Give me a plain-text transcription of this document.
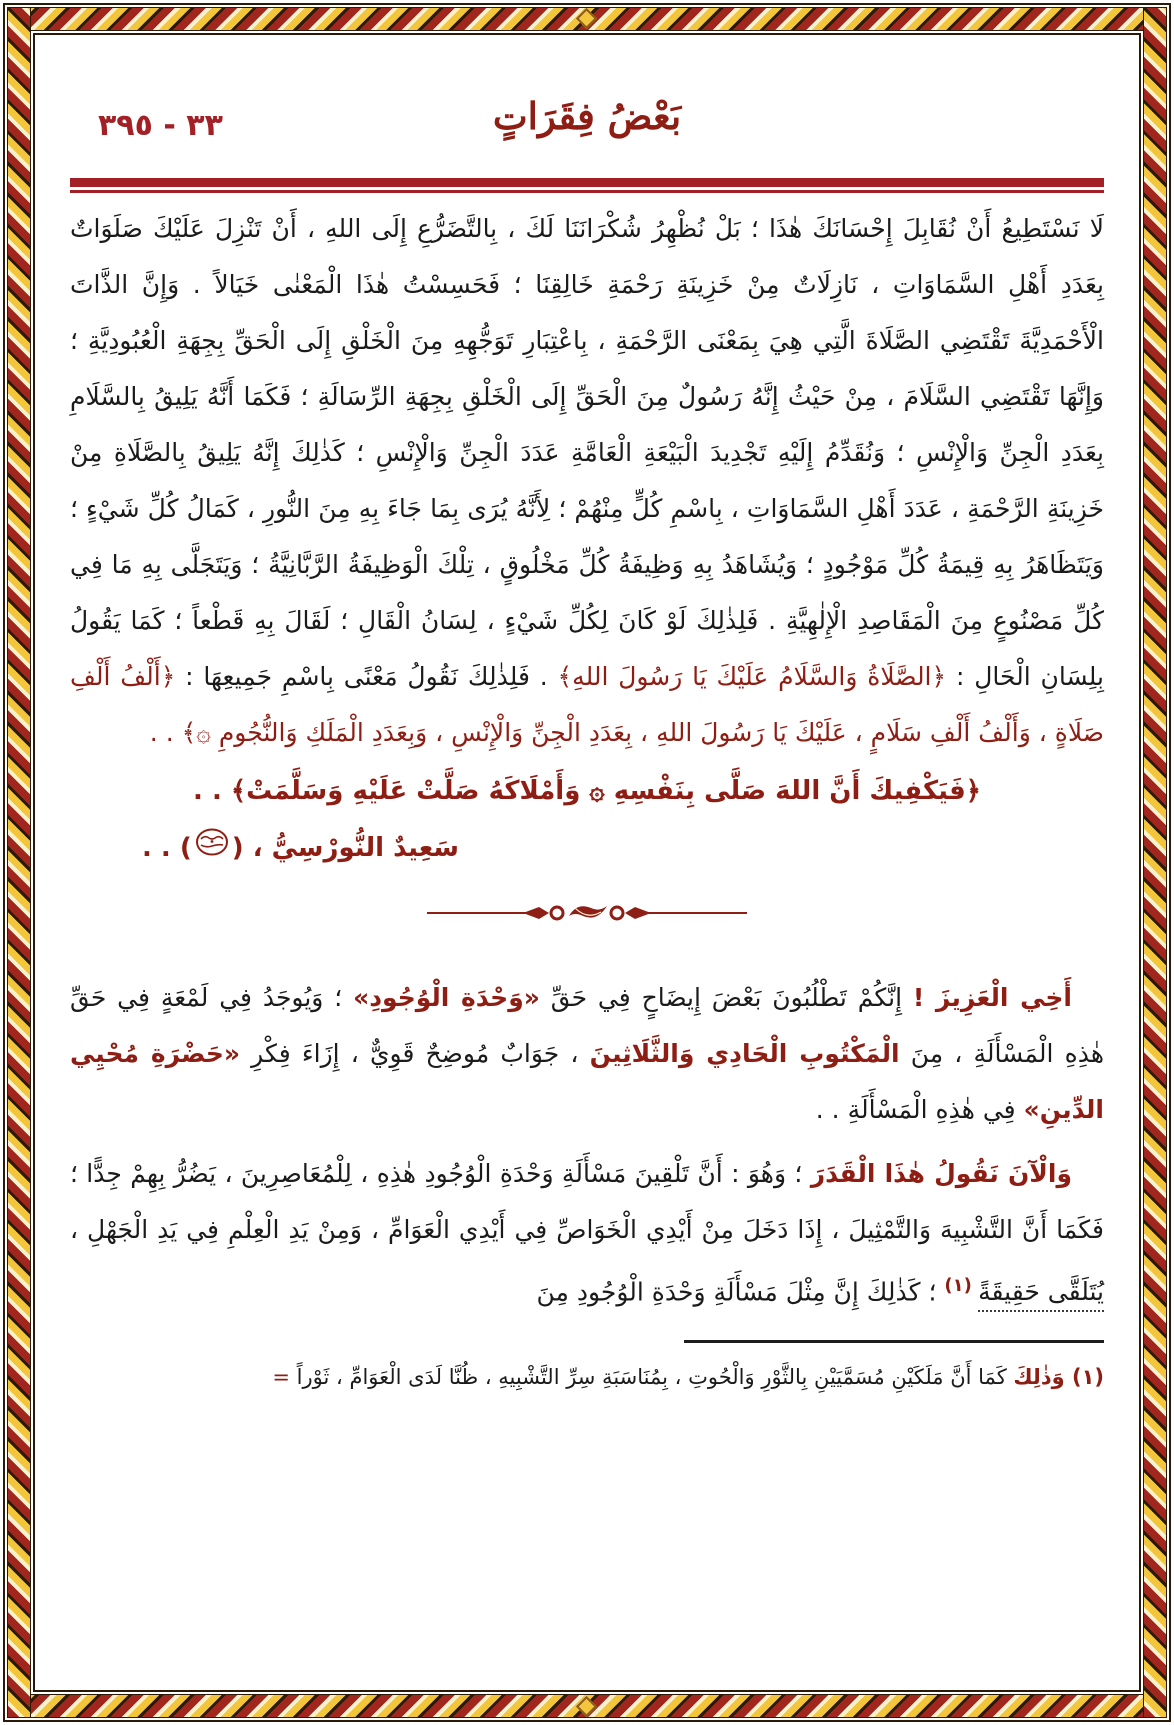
٣٣ - ٣٩٥	بَعْضُ فِقَرَاتٍ

لَا نَسْتَطِيعُ أَنْ نُقَابِلَ إِحْسَانَكَ هٰذَا ؛ بَلْ نُظْهِرُ شُكْرَانَنَا لَكَ ، بِالتَّضَرُّعِ إِلَى اللهِ ، أَنْ تَنْزِلَ عَلَيْكَ صَلَوَاتٌ بِعَدَدِ أَهْلِ السَّمَاوَاتِ ، نَازِلَاتٌ مِنْ خَزِينَةِ رَحْمَةِ خَالِقِنَا ؛ فَحَسِسْتُ هٰذَا الْمَعْنٰى خَيَالاً . وَإِنَّ الذَّاتَ الْأَحْمَدِيَّةَ تَقْتَضِي الصَّلَاةَ الَّتِي هِيَ بِمَعْنَى الرَّحْمَةِ ، بِاعْتِبَارِ تَوَجُّهِهِ مِنَ الْخَلْقِ إِلَى الْحَقِّ بِجِهَةِ الْعُبُودِيَّةِ ؛ وَإِنَّهَا تَقْتَضِي السَّلَامَ ، مِنْ حَيْثُ إِنَّهُ رَسُولٌ مِنَ الْحَقِّ إِلَى الْخَلْقِ بِجِهَةِ الرِّسَالَةِ ؛ فَكَمَا أَنَّهُ يَلِيقُ بِالسَّلَامِ بِعَدَدِ الْجِنِّ وَالْإِنْسِ ؛ وَنُقَدِّمُ إِلَيْهِ تَجْدِيدَ الْبَيْعَةِ الْعَامَّةِ عَدَدَ الْجِنِّ وَالْإِنْسِ ؛ كَذٰلِكَ إِنَّهُ يَلِيقُ بِالصَّلَاةِ مِنْ خَزِينَةِ الرَّحْمَةِ ، عَدَدَ أَهْلِ السَّمَاوَاتِ ، بِاسْمِ كُلٍّ مِنْهُمْ ؛ لِأَنَّهُ يُرَى بِمَا جَاءَ بِهِ مِنَ النُّورِ ، كَمَالُ كُلِّ شَيْءٍ ؛ وَيَتَظَاهَرُ بِهِ قِيمَةُ كُلِّ مَوْجُودٍ ؛ وَيُشَاهَدُ بِهِ وَظِيفَةُ كُلِّ مَخْلُوقٍ ، تِلْكَ الْوَظِيفَةُ الرَّبَّانِيَّةُ ؛ وَيَتَجَلَّى بِهِ مَا فِي كُلِّ مَصْنُوعٍ مِنَ الْمَقَاصِدِ الْإِلٰهِيَّةِ . فَلِذٰلِكَ لَوْ كَانَ لِكُلِّ شَيْءٍ ، لِسَانُ الْقَالِ ؛ لَقَالَ بِهِ قَطْعاً ؛ كَمَا يَقُولُ بِلِسَانِ الْحَالِ : ﴿الصَّلَاةُ وَالسَّلَامُ عَلَيْكَ يَا رَسُولَ اللهِ﴾ . فَلِذٰلِكَ نَقُولُ مَعْنًى بِاسْمِ جَمِيعِهَا : ﴿أَلْفُ أَلْفِ صَلَاةٍ ، وَأَلْفُ أَلْفِ سَلَامٍ ، عَلَيْكَ يَا رَسُولَ اللهِ ، بِعَدَدِ الْجِنِّ وَالْإِنْسِ ، وَبِعَدَدِ الْمَلَكِ وَالنُّجُومِ ۞﴾ . .

﴿فَيَكْفِيكَ أَنَّ اللهَ صَلَّى بِنَفْسِهِ ۞ وَأَمْلَاكَهُ صَلَّتْ عَلَيْهِ وَسَلَّمَتْ﴾ . .
سَعِيدٌ النُّورْسِيُّ ، () . .

أَخِي الْعَزِيزَ ! إِنَّكُمْ تَطْلُبُونَ بَعْضَ إِيضَاحٍ فِي حَقِّ «وَحْدَةِ الْوُجُودِ» ؛ وَيُوجَدُ فِي لَمْعَةٍ فِي حَقِّ هٰذِهِ الْمَسْأَلَةِ ، مِنَ الْمَكْتُوبِ الْحَادِي وَالثَّلَاثِينَ ، جَوَابٌ مُوضِحٌ قَوِيٌّ ، إِزَاءَ فِكْرِ «حَضْرَةِ مُحْيِي الدِّينِ» فِي هٰذِهِ الْمَسْأَلَةِ . .

وَالْآنَ نَقُولُ هٰذَا الْقَدَرَ ؛ وَهُوَ : أَنَّ تَلْقِينَ مَسْأَلَةِ وَحْدَةِ الْوُجُودِ هٰذِهِ ، لِلْمُعَاصِرِينَ ، يَضُرُّ بِهِمْ جِدًّا ؛ فَكَمَا أَنَّ التَّشْبِيهَ وَالتَّمْثِيلَ ، إِذَا دَخَلَ مِنْ أَيْدِي الْخَوَاصِّ فِي أَيْدِي الْعَوَامِّ ، وَمِنْ يَدِ الْعِلْمِ فِي يَدِ الْجَهْلِ ، يُتَلَقَّى حَقِيقَةً $^{(١)}$ ؛ كَذٰلِكَ إِنَّ مِثْلَ مَسْأَلَةِ وَحْدَةِ الْوُجُودِ مِنَ

(١) وَذٰلِكَ كَمَا أَنَّ مَلَكَيْنِ مُسَمَّيَيْنِ بِالثَّوْرِ وَالْحُوتِ ، بِمُنَاسَبَةِ سِرِّ التَّشْبِيهِ ، ظُنَّا لَدَى الْعَوَامِّ ، ثَوْراً =
